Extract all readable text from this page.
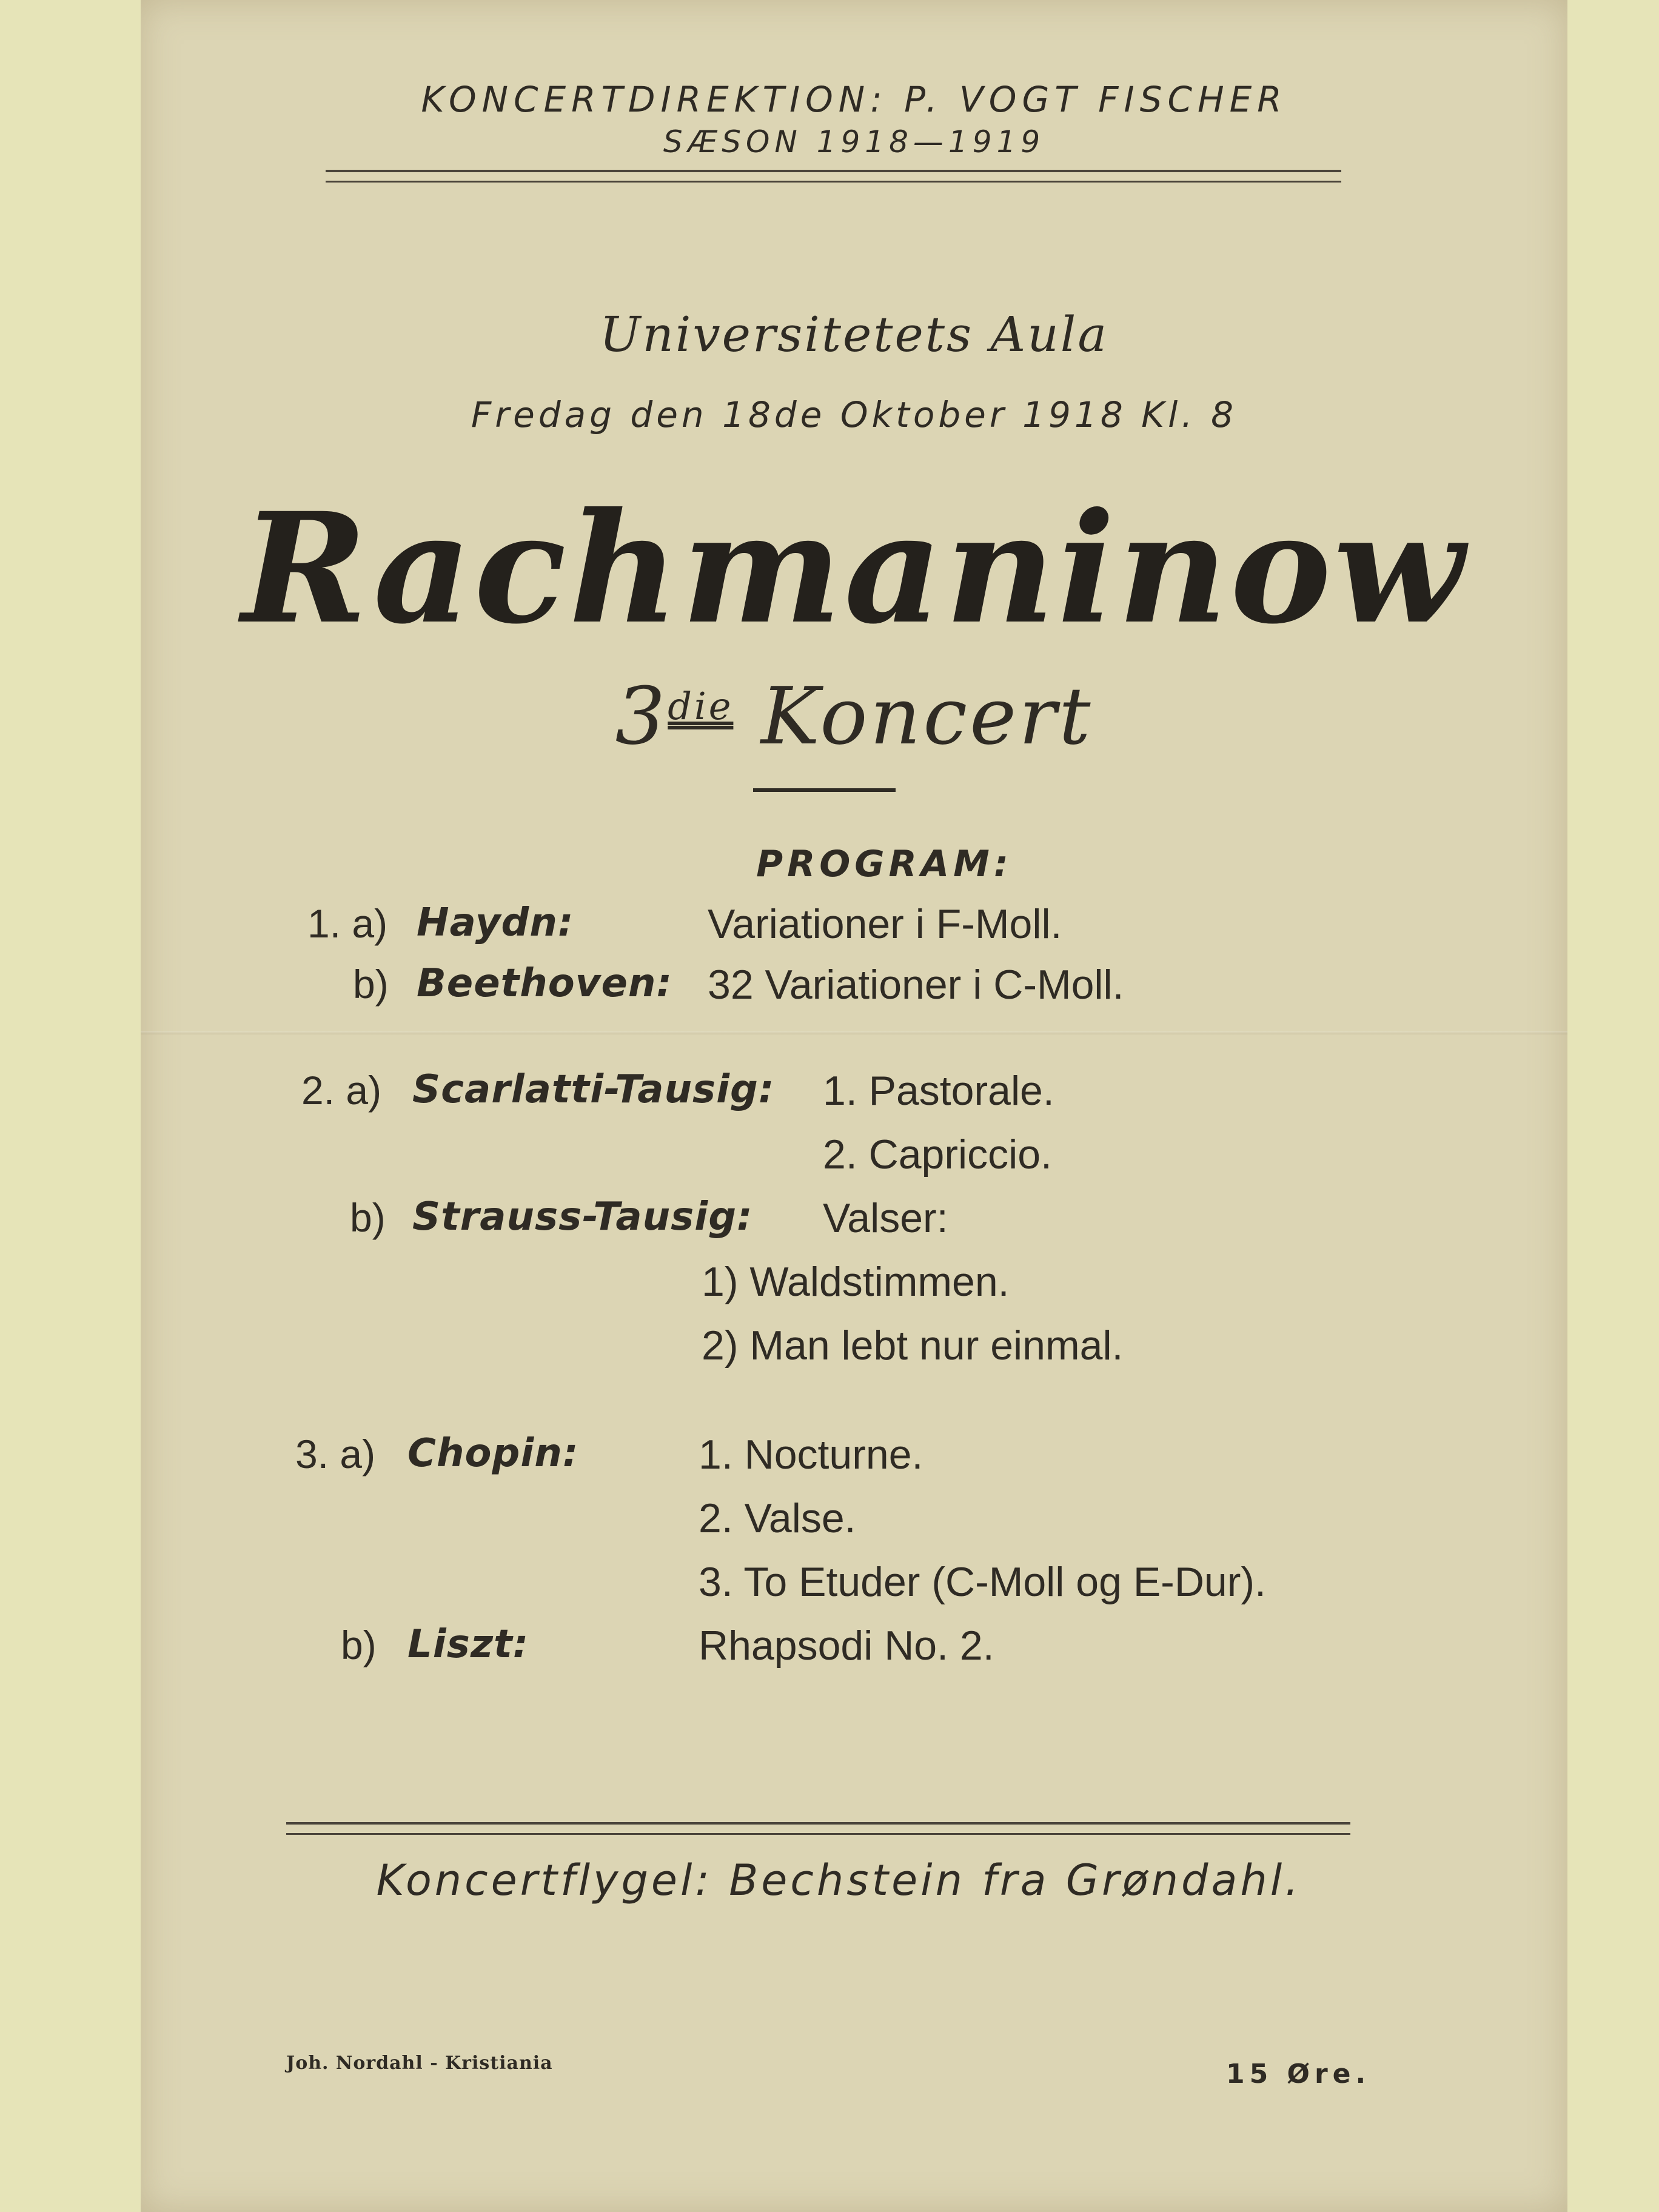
KONCERTDIREKTION: P. VOGT FISCHER
SÆSON 1918—1919
Universitetets Aula
Fredag den 18de Oktober 1918 Kl. 8
Rachmaninow
$3^{die}$ Koncert
PROGRAM:
1. a) Haydn:	Variationer i F-Moll.
b) Beethoven: 32 Variationer i C-Moll.
2. a) Scarlatti-Tausig: 1. Pastorale.
2. Capriccio.
b) Strauss-Tausig: Valser:
1) Waldstimmen.
2) Man lebt nur einmal.
3. a) Chopin:	1. Nocturne.
2. Valse.
3. To Etuder (C-Moll og E-Dur).
b) Liszt:	Rhapsodi No. 2.
Koncertflygel: Bechstein fra Grøndahl.
Joh. Nordahl - Kristiania	15 Øre.
